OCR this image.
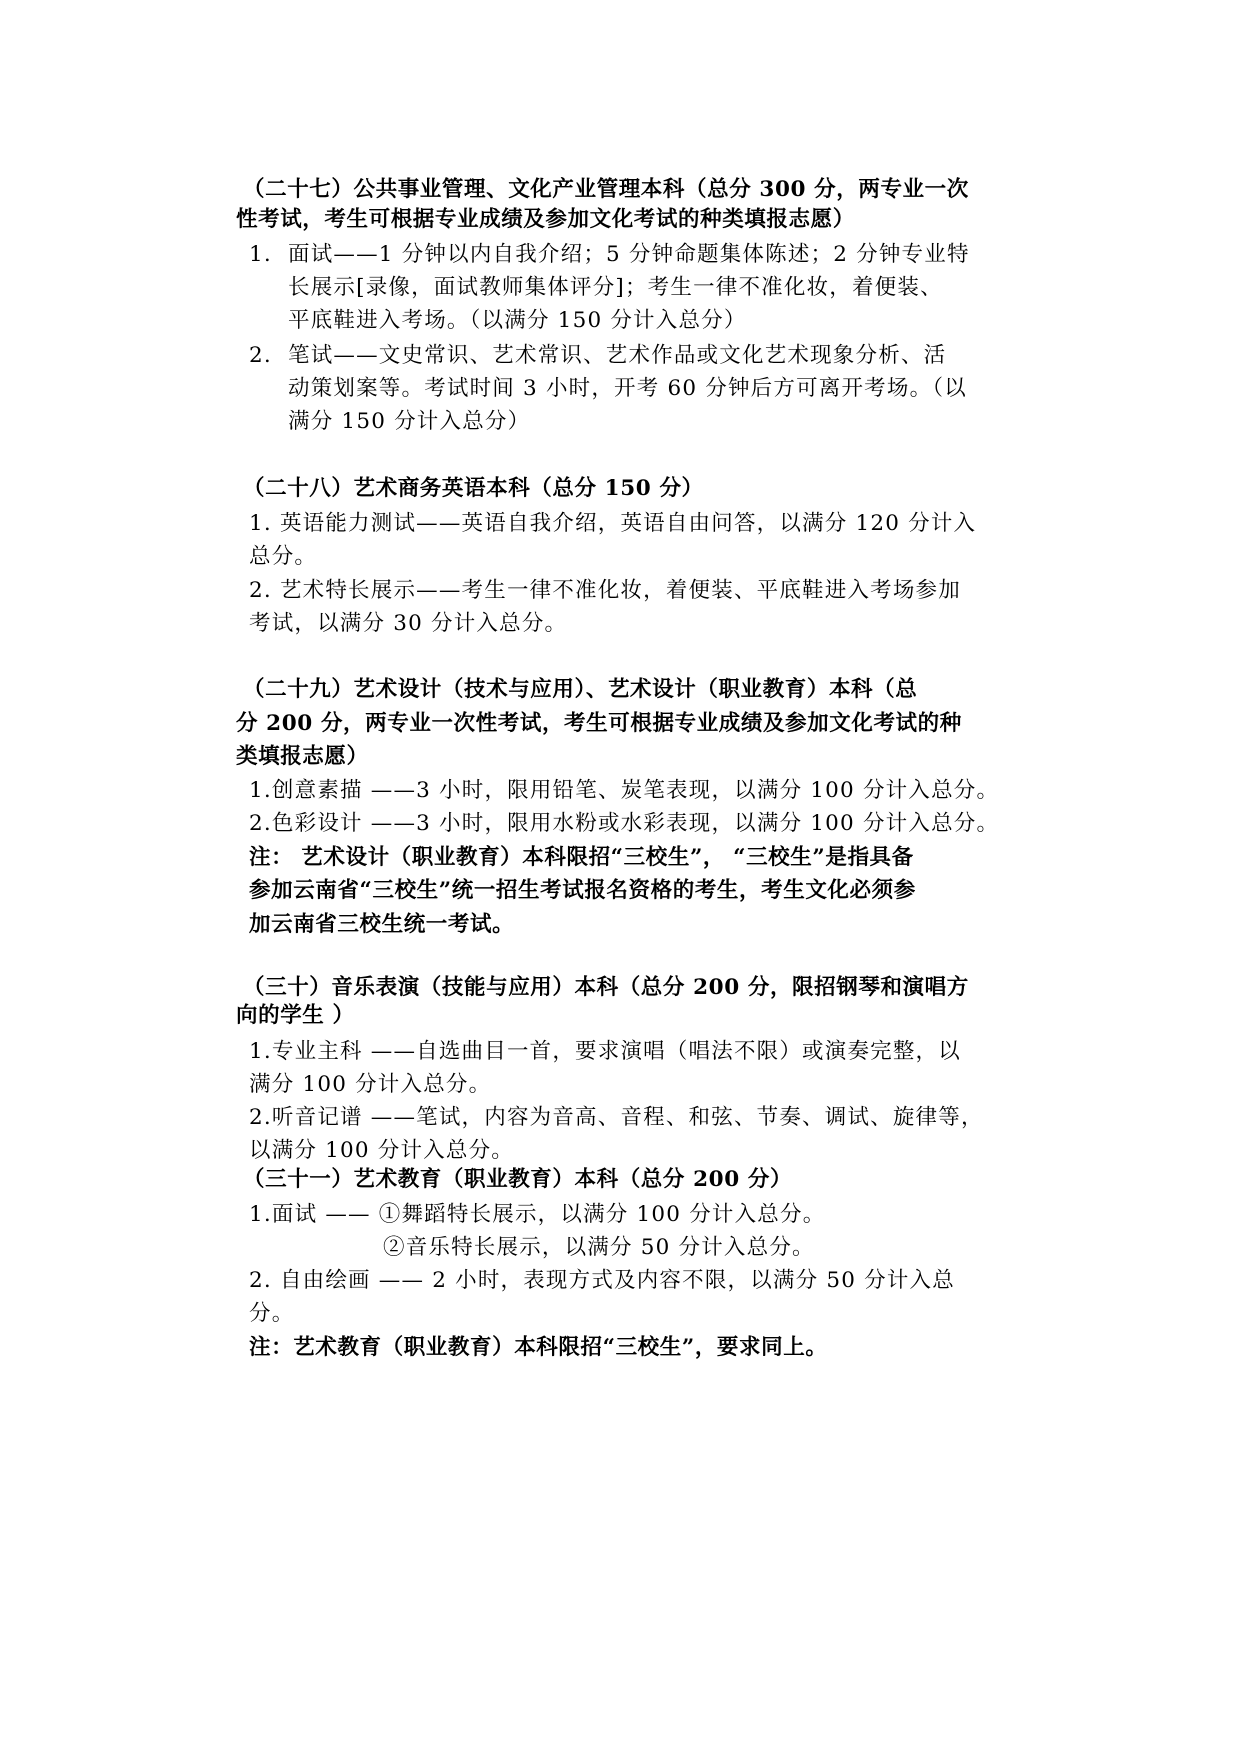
（二十七）公共事业管理、文化产业管理本科（总分 300 分，两专业一次
性考试，考生可根据专业成绩及参加文化考试的种类填报志愿）
1. 面试——1 分钟以内自我介绍；5 分钟命题集体陈述；2 分钟专业特
长展示[录像，面试教师集体评分]；考生一律不准化妆，着便装、
平底鞋进入考场。（以满分 150 分计入总分）
2. 笔试——文史常识、艺术常识、艺术作品或文化艺术现象分析、活
动策划案等。考试时间 3 小时，开考 60 分钟后方可离开考场。（以
满分 150 分计入总分）
（二十八）艺术商务英语本科（总分 150 分）
1. 英语能力测试——英语自我介绍，英语自由问答，以满分 120 分计入
总分。
2. 艺术特长展示——考生一律不准化妆，着便装、平底鞋进入考场参加
考试，以满分 30 分计入总分。
（二十九）艺术设计（技术与应用）、艺术设计（职业教育）本科（总
分 200 分，两专业一次性考试，考生可根据专业成绩及参加文化考试的种
类填报志愿）
1.创意素描 ——3 小时，限用铅笔、炭笔表现，以满分 100 分计入总分。
2.色彩设计 ——3 小时，限用水粉或水彩表现，以满分 100 分计入总分。
注： 艺术设计（职业教育）本科限招“三校生”， “三校生”是指具备
参加云南省“三校生”统一招生考试报名资格的考生，考生文化必须参
加云南省三校生统一考试。
（三十）音乐表演（技能与应用）本科（总分 200 分，限招钢琴和演唱方
向的学生 ）
1.专业主科 ——自选曲目一首，要求演唱（唱法不限）或演奏完整，以
满分 100 分计入总分。
2.听音记谱 ——笔试，内容为音高、音程、和弦、节奏、调试、旋律等，
以满分 100 分计入总分。
（三十一）艺术教育（职业教育）本科（总分 200 分）
1.面试 —— ①舞蹈特长展示，以满分 100 分计入总分。
②音乐特长展示，以满分 50 分计入总分。
2. 自由绘画 —— 2 小时，表现方式及内容不限，以满分 50 分计入总
分。
注：艺术教育（职业教育）本科限招“三校生”，要求同上。
